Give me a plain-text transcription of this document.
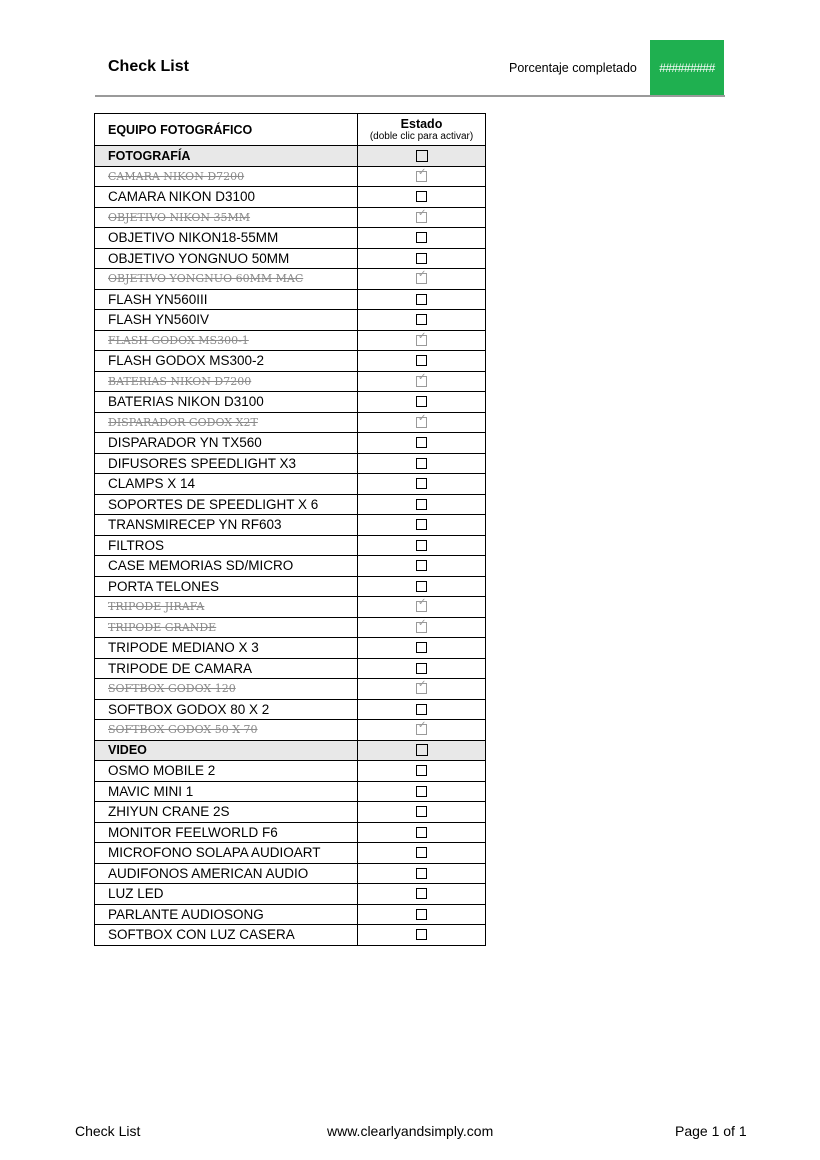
Check List	Porcentaje completado	#########
EQUIPO FOTOGRÁFICO	Estado
(doble clic para activar)

FOTOGRAFÍA	
CAMARA NIKON D7200	✓
CAMARA NIKON D3100	
OBJETIVO NIKON 35MM	✓
OBJETIVO NIKON18-55MM	
OBJETIVO YONGNUO 50MM	
OBJETIVO YONGNUO 60MM MAC	✓
FLASH YN560III	
FLASH YN560IV	
FLASH GODOX MS300-1	✓
FLASH GODOX MS300-2	
BATERIAS NIKON D7200	✓
BATERIAS NIKON D3100	
DISPARADOR GODOX X2T	✓
DISPARADOR YN TX560	
DIFUSORES SPEEDLIGHT X3	
CLAMPS X 14	
SOPORTES DE SPEEDLIGHT X 6	
TRANSMIRECEP YN RF603	
FILTROS	
CASE MEMORIAS SD/MICRO	
PORTA TELONES	
TRIPODE JIRAFA	✓
TRIPODE GRANDE	✓
TRIPODE MEDIANO X 3	
TRIPODE DE CAMARA	
SOFTBOX GODOX 120	✓
SOFTBOX GODOX 80 X 2	
SOFTBOX GODOX 50 X 70	✓
VIDEO	
OSMO MOBILE 2	
MAVIC MINI 1	
ZHIYUN CRANE 2S	
MONITOR FEELWORLD F6	
MICROFONO SOLAPA AUDIOART	
AUDIFONOS AMERICAN AUDIO	
LUZ LED	
PARLANTE AUDIOSONG	
SOFTBOX CON LUZ CASERA	
Check List	www.clearlyandsimply.com	Page 1 of 1
